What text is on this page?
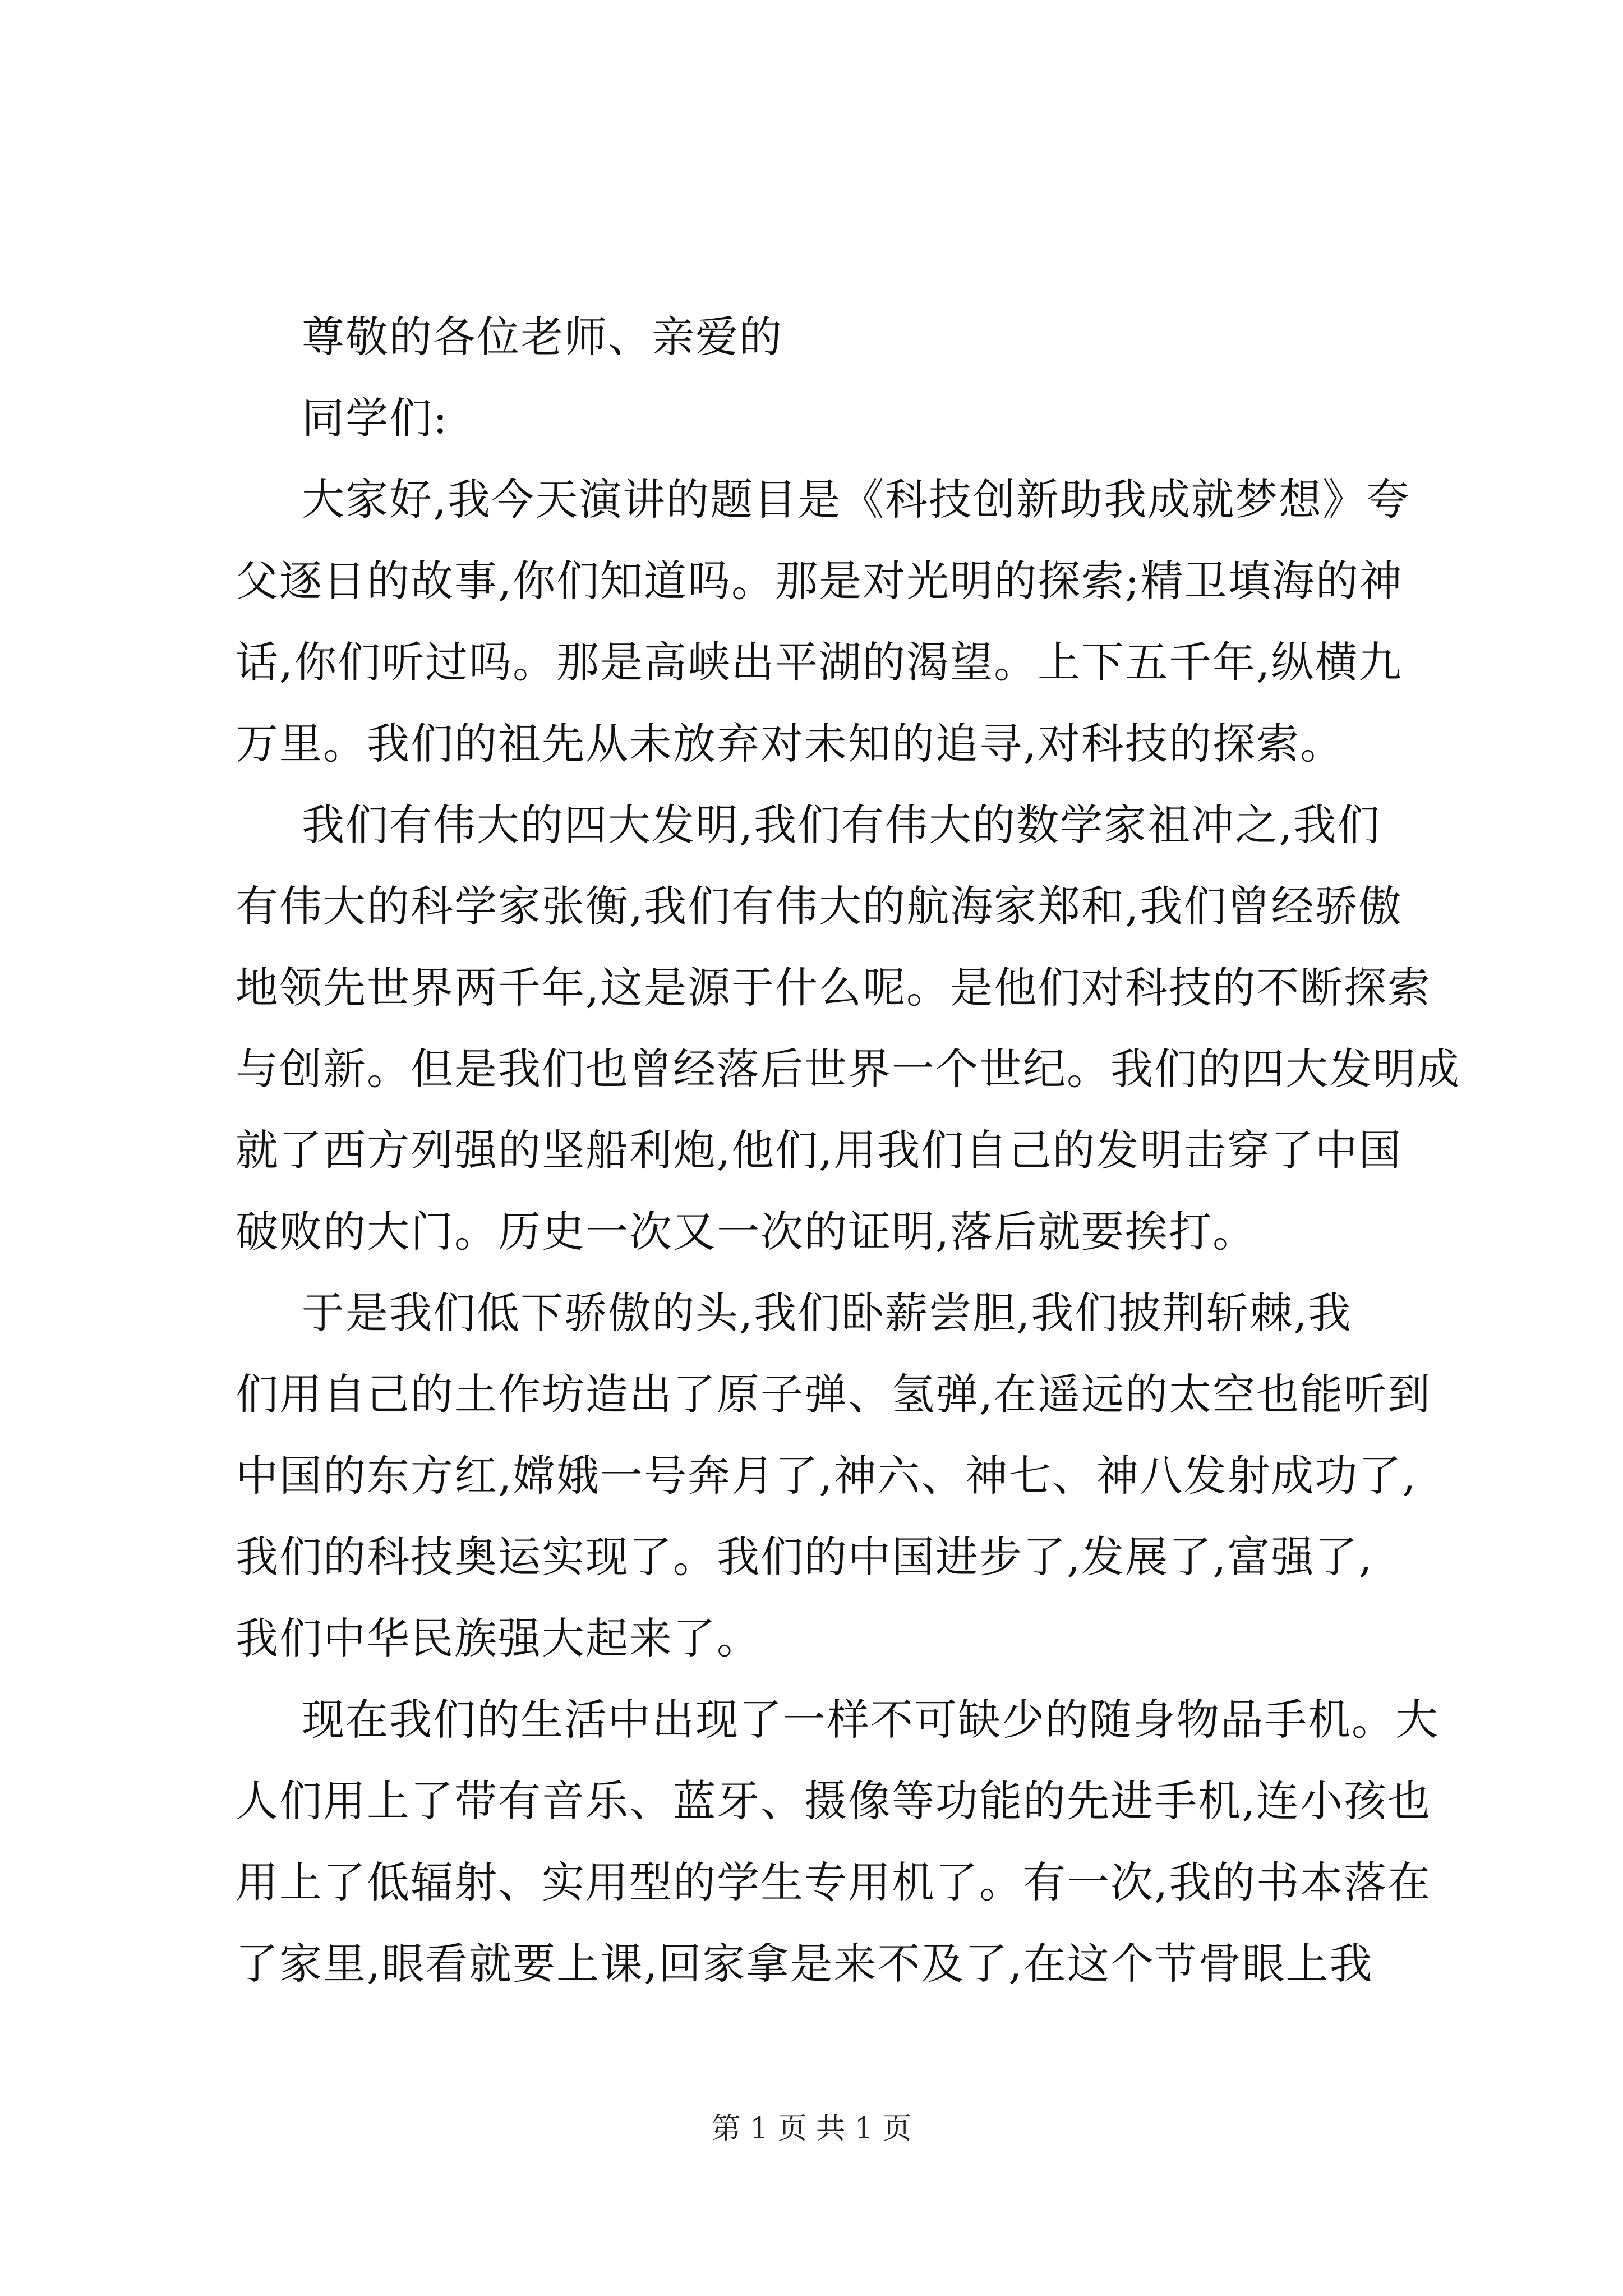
尊敬的各位老师、亲爱的
同学们:
大家好,我今天演讲的题目是《科技创新助我成就梦想》夸
父逐日的故事,你们知道吗。那是对光明的探索;精卫填海的神
话,你们听过吗。那是高峡出平湖的渴望。上下五千年,纵横九
万里。我们的祖先从未放弃对未知的追寻,对科技的探索。
我们有伟大的四大发明,我们有伟大的数学家祖冲之,我们
有伟大的科学家张衡,我们有伟大的航海家郑和,我们曾经骄傲
地领先世界两千年,这是源于什么呢。是他们对科技的不断探索
与创新。但是我们也曾经落后世界一个世纪。我们的四大发明成
就了西方列强的坚船利炮,他们,用我们自己的发明击穿了中国
破败的大门。历史一次又一次的证明,落后就要挨打。
于是我们低下骄傲的头,我们卧薪尝胆,我们披荆斩棘,我
们用自己的土作坊造出了原子弹、氢弹,在遥远的太空也能听到
中国的东方红,嫦娥一号奔月了,神六、神七、神八发射成功了,
我们的科技奥运实现了。我们的中国进步了,发展了,富强了,
我们中华民族强大起来了。
现在我们的生活中出现了一样不可缺少的随身物品手机。大
人们用上了带有音乐、蓝牙、摄像等功能的先进手机,连小孩也
用上了低辐射、实用型的学生专用机了。有一次,我的书本落在
了家里,眼看就要上课,回家拿是来不及了,在这个节骨眼上我
第 1 页 共 1 页
